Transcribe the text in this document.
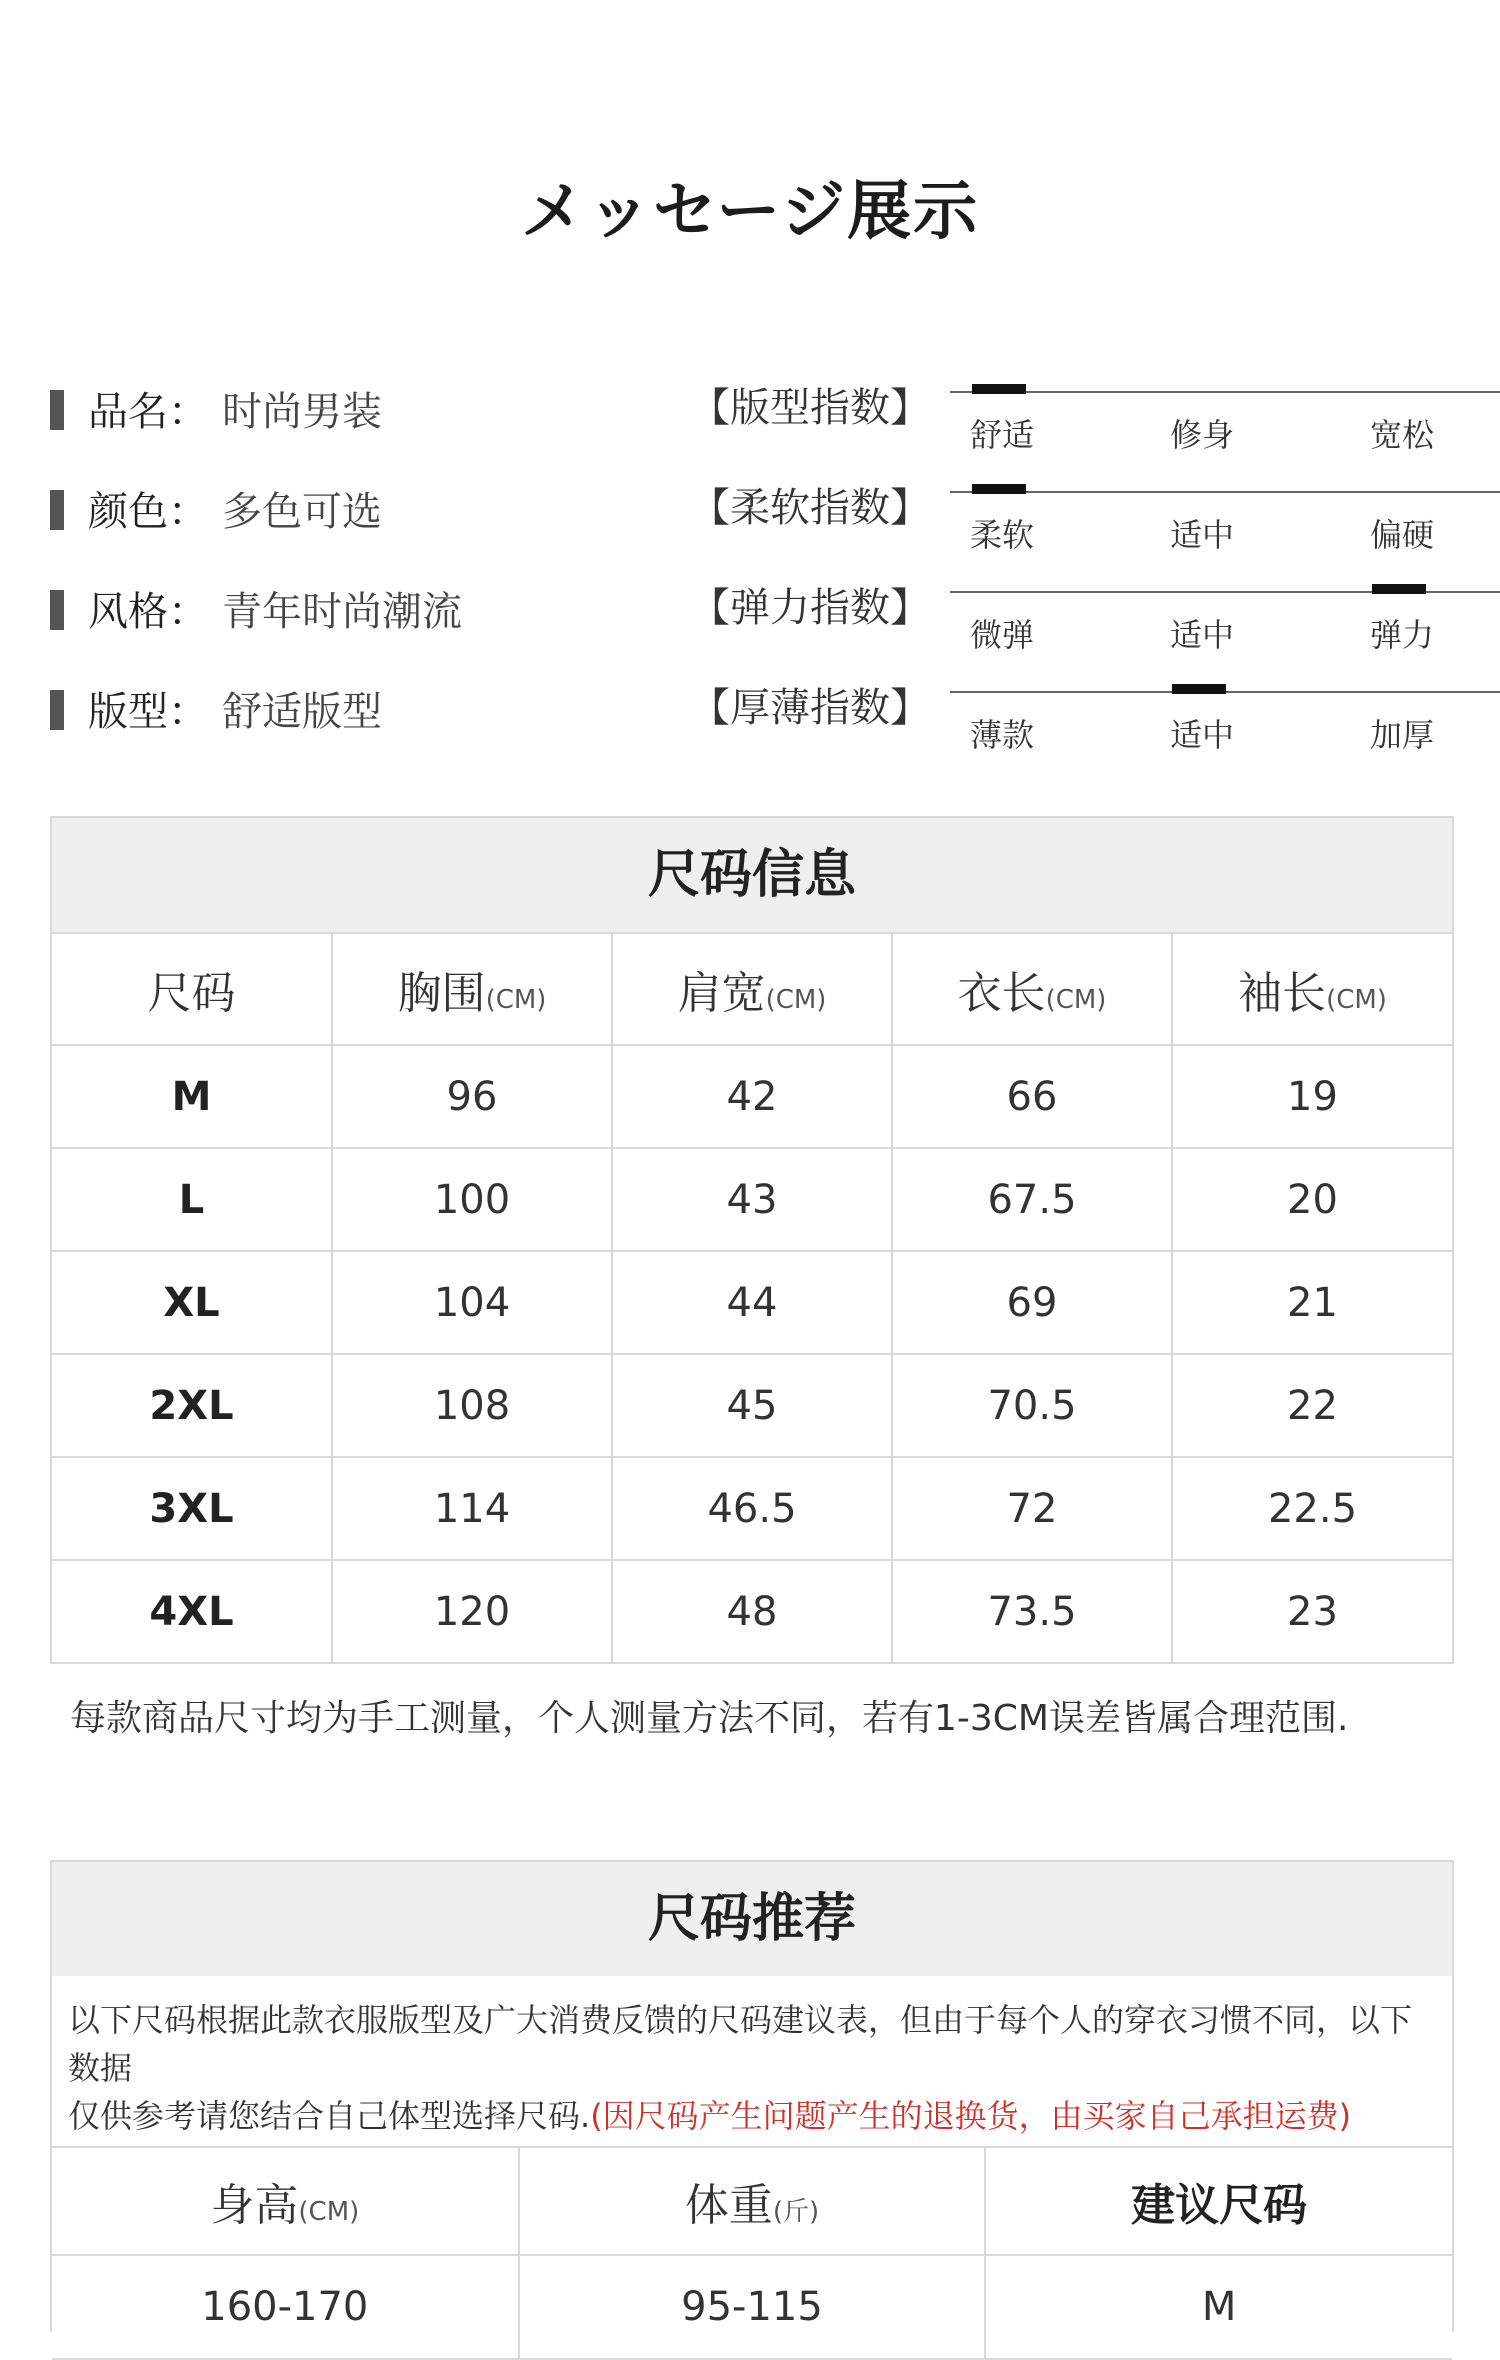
メッセージ展示
品名： 时尚男装	【版型指数】
舒适	修身	宽松
颜色： 多色可选	【柔软指数】
柔软	适中	偏硬
风格： 青年时尚潮流	【弹力指数】
微弹	适中	弹力
版型： 舒适版型	【厚薄指数】
薄款	适中	加厚
尺码信息
尺码	胸围(CM)	肩宽(CM)	衣长(CM)	袖长(CM)
M	96	42	66	19
L	100	43	67.5	20
XL	104	44	69	21
2XL	108	45	70.5	22
3XL	114	46.5	72	22.5
4XL	120	48	73.5	23
每款商品尺寸均为手工测量，个人测量方法不同，若有1-3CM误差皆属合理范围.
尺码推荐
以下尺码根据此款衣服版型及广大消费反馈的尺码建议表，但由于每个人的穿衣习惯不同，以下数据
仅供参考请您结合自己体型选择尺码.(因尺码产生问题产生的退换货，由买家自己承担运费)
身高(CM)	体重(斤)	建议尺码
160-170	95-115	M
